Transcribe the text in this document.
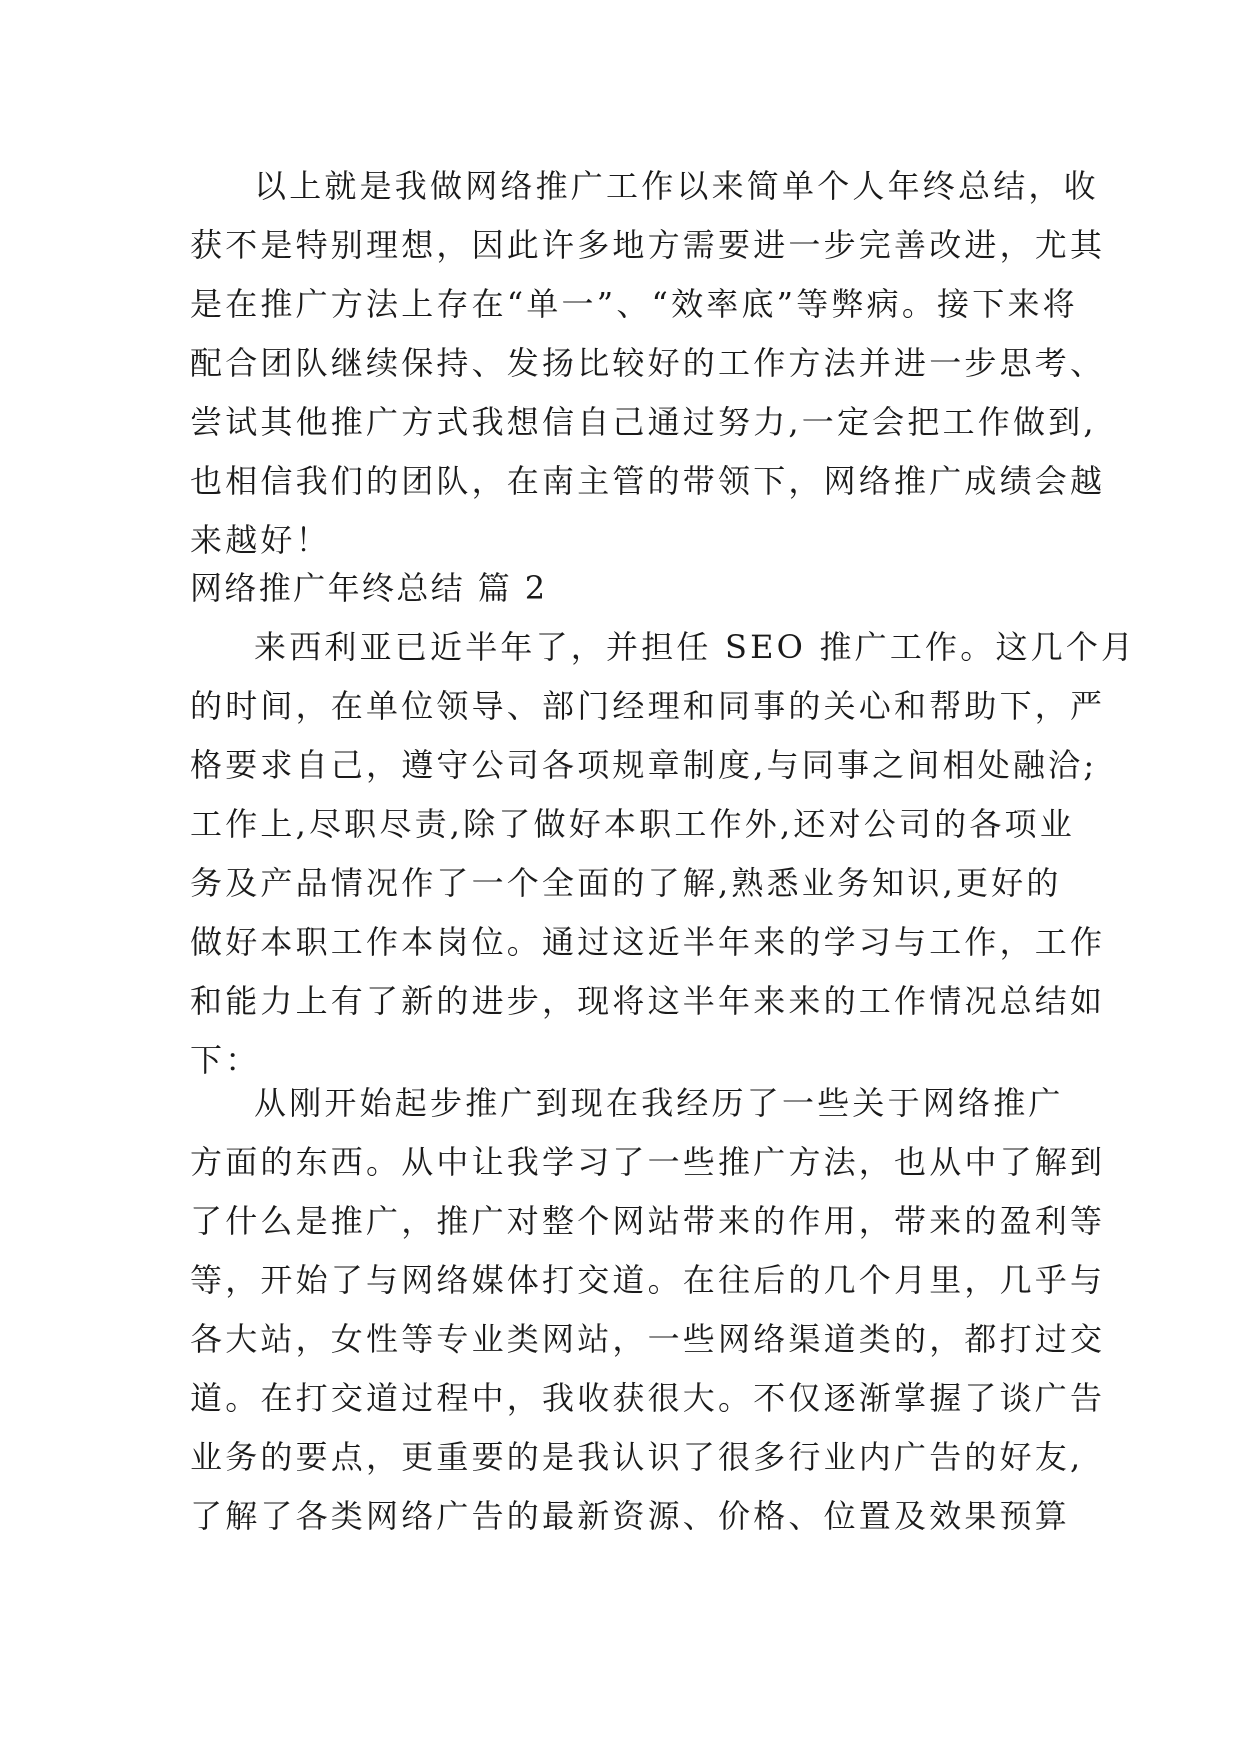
以上就是我做网络推广工作以来简单个人年终总结，收
获不是特别理想，因此许多地方需要进一步完善改进，尤其
是在推广方法上存在“单一”、“效率底”等弊病。接下来将
配合团队继续保持、发扬比较好的工作方法并进一步思考、
尝试其他推广方式我想信自己通过努力,一定会把工作做到,
也相信我们的团队，在南主管的带领下，网络推广成绩会越
来越好！
网络推广年终总结 篇 2
来西利亚已近半年了，并担任 SEO 推广工作。这几个月
的时间，在单位领导、部门经理和同事的关心和帮助下，严
格要求自己，遵守公司各项规章制度,与同事之间相处融洽;
工作上,尽职尽责,除了做好本职工作外,还对公司的各项业
务及产品情况作了一个全面的了解,熟悉业务知识,更好的
做好本职工作本岗位。通过这近半年来的学习与工作，工作
和能力上有了新的进步，现将这半年来来的工作情况总结如
下：
从刚开始起步推广到现在我经历了一些关于网络推广
方面的东西。从中让我学习了一些推广方法，也从中了解到
了什么是推广，推广对整个网站带来的作用，带来的盈利等
等，开始了与网络媒体打交道。在往后的几个月里，几乎与
各大站，女性等专业类网站，一些网络渠道类的，都打过交
道。在打交道过程中，我收获很大。不仅逐渐掌握了谈广告
业务的要点，更重要的是我认识了很多行业内广告的好友,
了解了各类网络广告的最新资源、价格、位置及效果预算
